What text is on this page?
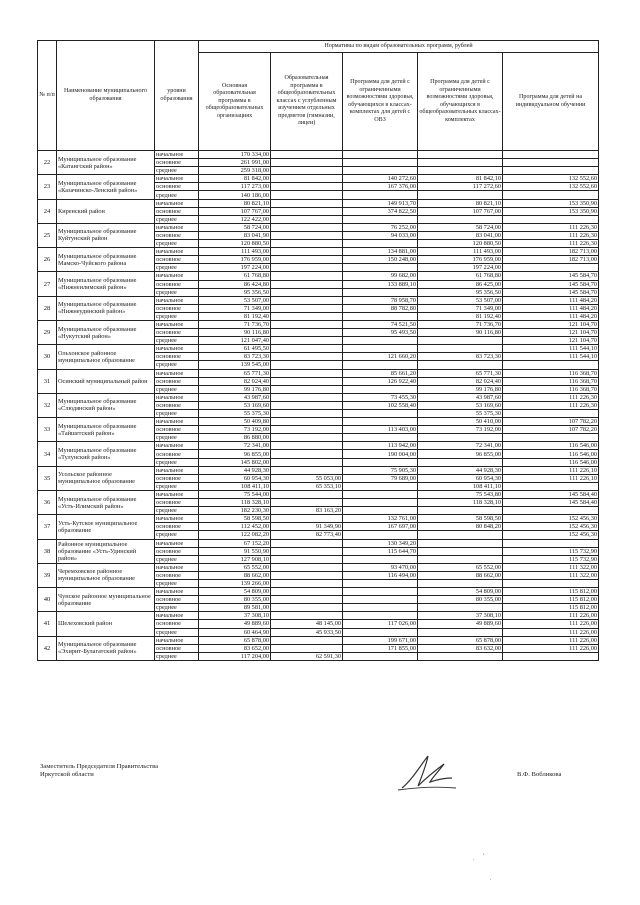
№ п/п	Наименование муниципального образования	уровни образования	Нормативы по видам образовательных программ, рублей				
			Основная образовательная программа в общеобразовательных организациях	Образовательная программа в общеобразовательных классах с углубленным изучением отдельных предметов (гимназии, лицеи)	Программа для детей с ограниченными возможностями здоровья, обучающихся в классах-комплектах для детей с ОВЗ	Программа для детей с ограниченными возможностями здоровья, обучающихся в общеобразовательных классах-комплектах	Программа для детей на индивидуальном обучении
22	Муниципальное образование «Катангский район»	начальное	170 334,00				
		основное	261 991,00				
		среднее	259 318,00				
23	Муниципальное образование «Казачинско-Ленский район»	начальное	81 842,00		140 272,60	81 842,10	132 552,60
		основное	117 273,00		167 376,00	117 272,60	132 552,60
		среднее	140 186,00				
24	Киренский район	начальное	80 821,10		149 913,70	80 821,10	153 350,90
		основное	107 767,00		374 822,50	107 767,00	153 350,90
		среднее	122 422,00				
25	Муниципальное образование Куйтунский район	начальное	58 724,00		76 252,00	58 724,00	111 226,30
		основное	83 041,90		94 033,00	83 041,00	111 226,30
		среднее	120 880,50			120 880,50	111 226,30
26	Муниципальное образование Мамско-Чуйского района	начальное	111 493,00		134 881,00	111 493,00	182 713,00
		основное	176 959,00		150 248,00	176 959,00	182 713,00
		среднее	197 224,00			197 224,00	
27	Муниципальное образование «Нижнеилимский район»	начальное	61 768,80		99 682,00	61 768,80	145 584,70
		основное	86 424,80		133 889,10	86 425,00	145 584,70
		среднее	95 356,50			95 356,50	145 584,70
28	Муниципальное образование «Нижнеудинский район»	начальное	53 507,00		78 958,70	53 507,00	111 484,20
		основное	71 349,00		88 782,80	71 349,00	111 484,20
		среднее	81 192,40			81 192,40	111 484,20
29	Муниципальное образование «Нукутский район»	начальное	71 736,70		74 521,50	71 736,70	121 104,70
		основное	90 116,80		95 493,50	90 116,80	121 104,70
		среднее	121 047,40				121 104,70
30	Ольхонское районное муниципальное образование	начальное	61 495,50				111 544,10
		основное	83 723,30		121 660,20	83 723,30	111 544,10
		среднее	139 545,00				
31	Осинский муниципальный район	начальное	65 771,30		85 661,20	65 771,30	116 368,70
		основное	82 024,40		126 922,40	82 024,40	116 368,70
		среднее	99 176,80			99 176,80	116 368,70
32	Муниципальное образование «Слюдянский район»	начальное	43 987,60		73 455,30	43 987,60	111 226,30
		основное	53 169,60		102 558,40	53 169,60	111 226,30
		среднее	55 375,30			55 375,30	
33	Муниципальное образование «Тайшетский район»	начальное	50 409,80			50 410,00	107 782,20
		основное	73 192,00		113 403,00	73 192,00	107 782,20
		среднее	86 880,00				
34	Муниципальное образование «Тулунский район»	начальное	72 341,00		113 942,00	72 341,00	116 546,00
		основное	96 855,00		190 004,00	96 855,00	116 546,00
		среднее	145 802,00				116 546,00
35	Усольское районное муниципальное образование	начальное	44 928,30		75 905,30	44 928,30	111 226,10
		основное	60 954,30	55 053,00	79 689,00	60 954,30	111 226,10
		среднее	108 411,10	65 353,10		108 411,10	
36	Муниципальное образование «Усть-Илимский район»	начальное	75 544,00			75 543,80	145 584,40
		основное	118 328,10			118 328,10	145 584,40
		среднее	182 230,30	83 163,20			
37	Усть-Кутское муниципальное образование	начальное	58 598,50		132 761,00	58 598,50	152 456,30
		основное	112 452,00	91 349,90	167 697,00	80 848,20	152 456,30
		среднее	122 082,20	82 773,40			152 456,30
38	Районное муниципальное образование «Усть-Удинский район»	начальное	67 152,20		130 349,20		
		основное	91 550,90		115 644,70		115 732,90
		среднее	127 908,10				115 732,90
39	Черемховское районное муниципальное образование	начальное	65 552,00		93 470,00	65 552,00	111 322,00
		основное	88 662,00		116 494,00	88 662,00	111 322,00
		среднее	139 266,00				
40	Чунское районное муниципальное образование	начальное	54 809,00			54 809,00	115 812,00
		основное	80 355,00			80 355,00	115 812,00
		среднее	89 581,00				115 812,00
41	Шелеховский район	начальное	37 308,10			37 308,10	111 226,00
		основное	49 889,60	48 145,00	117 026,00	49 889,60	111 226,00
		среднее	60 464,90	45 933,50			111 226,00
42	Муниципальное образование «Эхирит-Булагатский район»	начальное	65 878,00		199 671,00	65 878,00	111 226,00
		основное	83 652,00		171 855,00	83 632,00	111 226,00
		среднее	117 204,00	62 591,30			
Заместитель Председателя Правительства
Иркутской области	В.Ф. Вобликова
.
,
.
